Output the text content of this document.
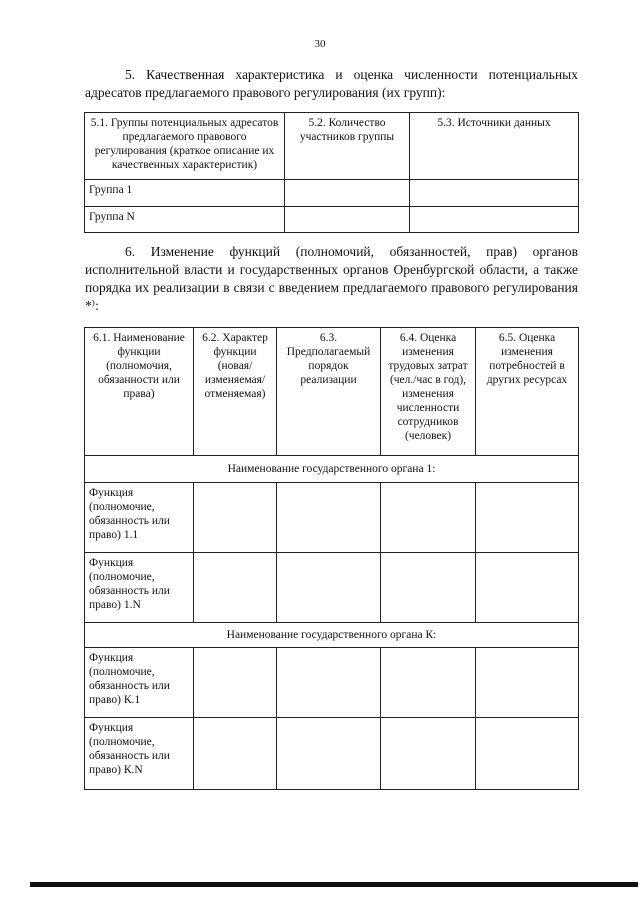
30

5. Качественная характеристика и оценка численности потенциальных адресатов предлагаемого правового регулирования (их групп):

5.1. Группы потенциальных адресатов предлагаемого правового регулирования (краткое описание их качественных характеристик)	5.2. Количество участников группы	5.3. Источники данных
Группа 1		
Группа N		

6. Изменение функций (полномочий, обязанностей, прав) органов исполнительной власти и государственных органов Оренбургской области, а также порядка их реализации в связи с введением предлагаемого правового регулирования *⁾:

6.1. Наименование функции (полномочия, обязанности или права)	6.2. Характер функции (новая/ изменяемая/ отменяемая)	6.3. Предполагаемый порядок реализации	6.4. Оценка изменения трудовых затрат (чел./час в год), изменения численности сотрудников (человек)	6.5. Оценка изменения потребностей в других ресурсах
Наименование государственного органа 1:				
Функция (полномочие, обязанность или право) 1.1				
Функция (полномочие, обязанность или право) 1.N				
Наименование государственного органа К:				
Функция (полномочие, обязанность или право) К.1				
Функция (полномочие, обязанность или право) К.N				
